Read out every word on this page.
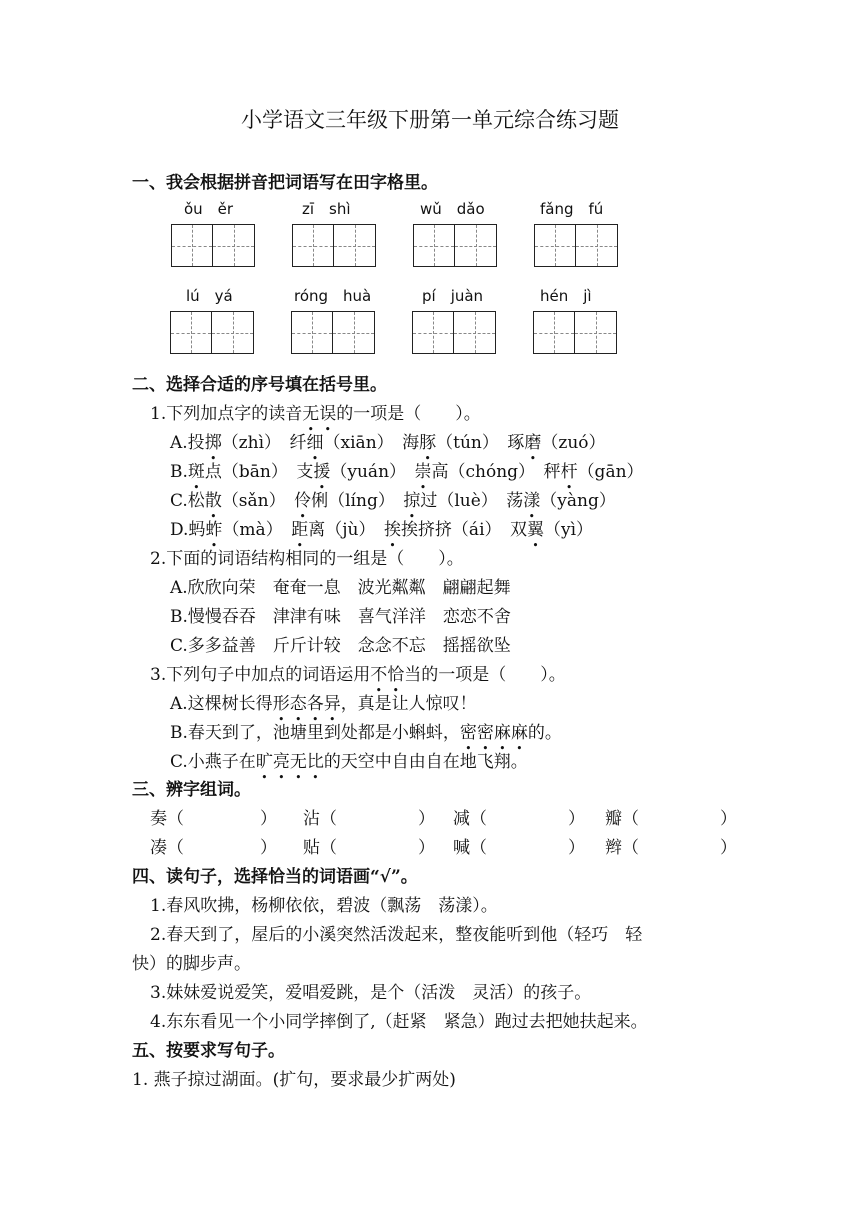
小学语文三年级下册第一单元综合练习题
一、我会根据拼音把词语写在田字格里。
ǒu　ěr	zī　shì	wǔ　dǎo	fǎng　fú
lú　yá	róng　huà	pí　juàn	hén　jì
二、选择合适的序号填在括号里。
1.下列加点字的读音无误的一项是（　　）。
A.投掷（zhì）　纤细（xiān）　海豚（tún）　琢磨（zuó）
B.斑点（bān）　支援（yuán）　崇高（chóng）　秤杆（gān）
C.松散（sǎn）　伶俐（líng）　掠过（luè）　荡漾（yàng）
D.蚂蚱（mà）　距离（jù）　挨挨挤挤（ái）　双翼（yì）
2.下面的词语结构相同的一组是（　　）。
A.欣欣向荣　奄奄一息　波光粼粼　翩翩起舞
B.慢慢吞吞　津津有味　喜气洋洋　恋恋不舍
C.多多益善　斤斤计较　念念不忘　摇摇欲坠
3.下列句子中加点的词语运用不恰当的一项是（　　）。
A.这棵树长得形态各异，真是让人惊叹！
B.春天到了，池塘里到处都是小蝌蚪，密密麻麻的。
C.小燕子在旷亮无比的天空中自由自在地飞翔。
三、辨字组词。
奏（	） 沾（	） 减（	） 瓣（	）
凑（	） 贴（	） 喊（	） 辫（	）
四、读句子，选择恰当的词语画“√”。
1.春风吹拂，杨柳依依，碧波（飘荡　荡漾）。
2.春天到了，屋后的小溪突然活泼起来，整夜能听到他（轻巧　轻
快）的脚步声。
3.妹妹爱说爱笑，爱唱爱跳，是个（活泼　灵活）的孩子。
4.东东看见一个小同学摔倒了,（赶紧　紧急）跑过去把她扶起来。
五、按要求写句子。
1. 燕子掠过湖面。(扩句，要求最少扩两处)
